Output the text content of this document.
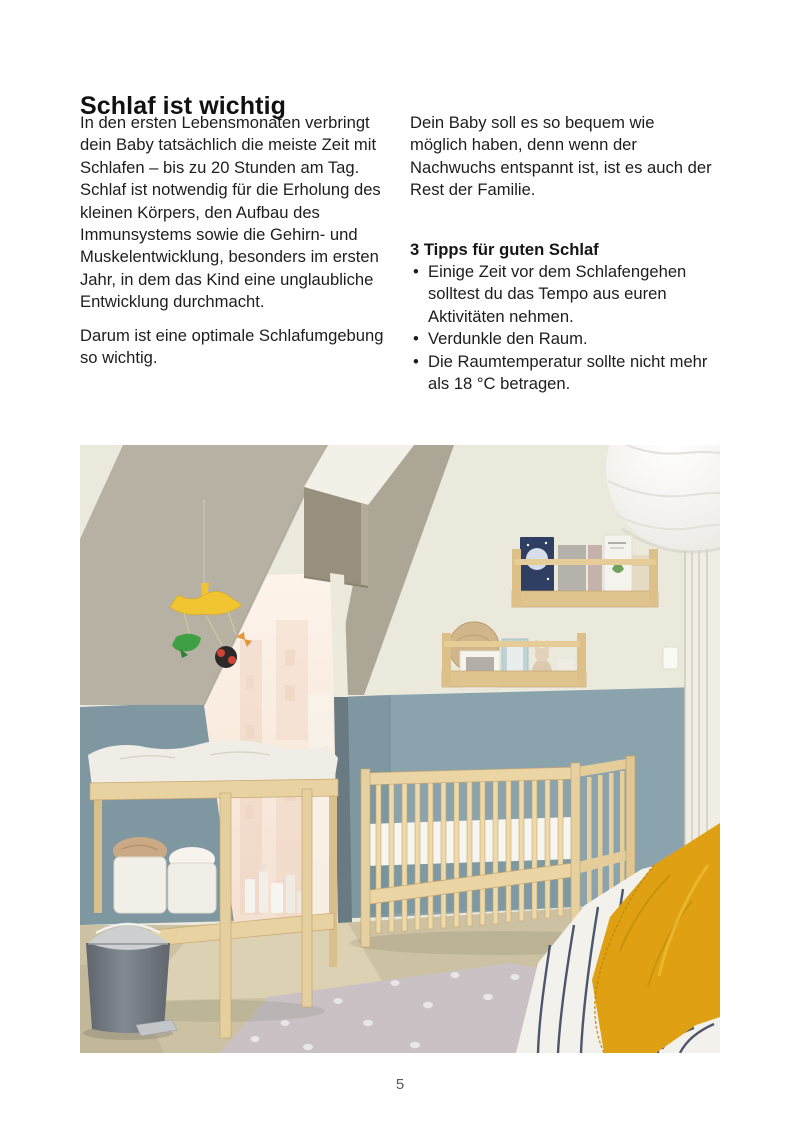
Schlaf ist wichtig

In den ersten Lebensmonaten verbringt dein Baby tatsächlich die meiste Zeit mit Schlafen – bis zu 20 Stunden am Tag. Schlaf ist notwendig für die Erholung des kleinen Körpers, den Aufbau des Immunsystems sowie die Gehirn- und Muskelentwicklung, besonders im ersten Jahr, in dem das Kind eine unglaubliche Entwicklung durchmacht.

Darum ist eine optimale Schlafumgebung so wichtig.

Dein Baby soll es so bequem wie möglich haben, denn wenn der Nachwuchs entspannt ist, ist es auch der Rest der Familie.

3 Tipps für guten Schlaf
• Einige Zeit vor dem Schlafengehen solltest du das Tempo aus euren Aktivitäten nehmen.
• Verdunkle den Raum.
• Die Raumtemperatur sollte nicht mehr als 18 °C betragen.
5
